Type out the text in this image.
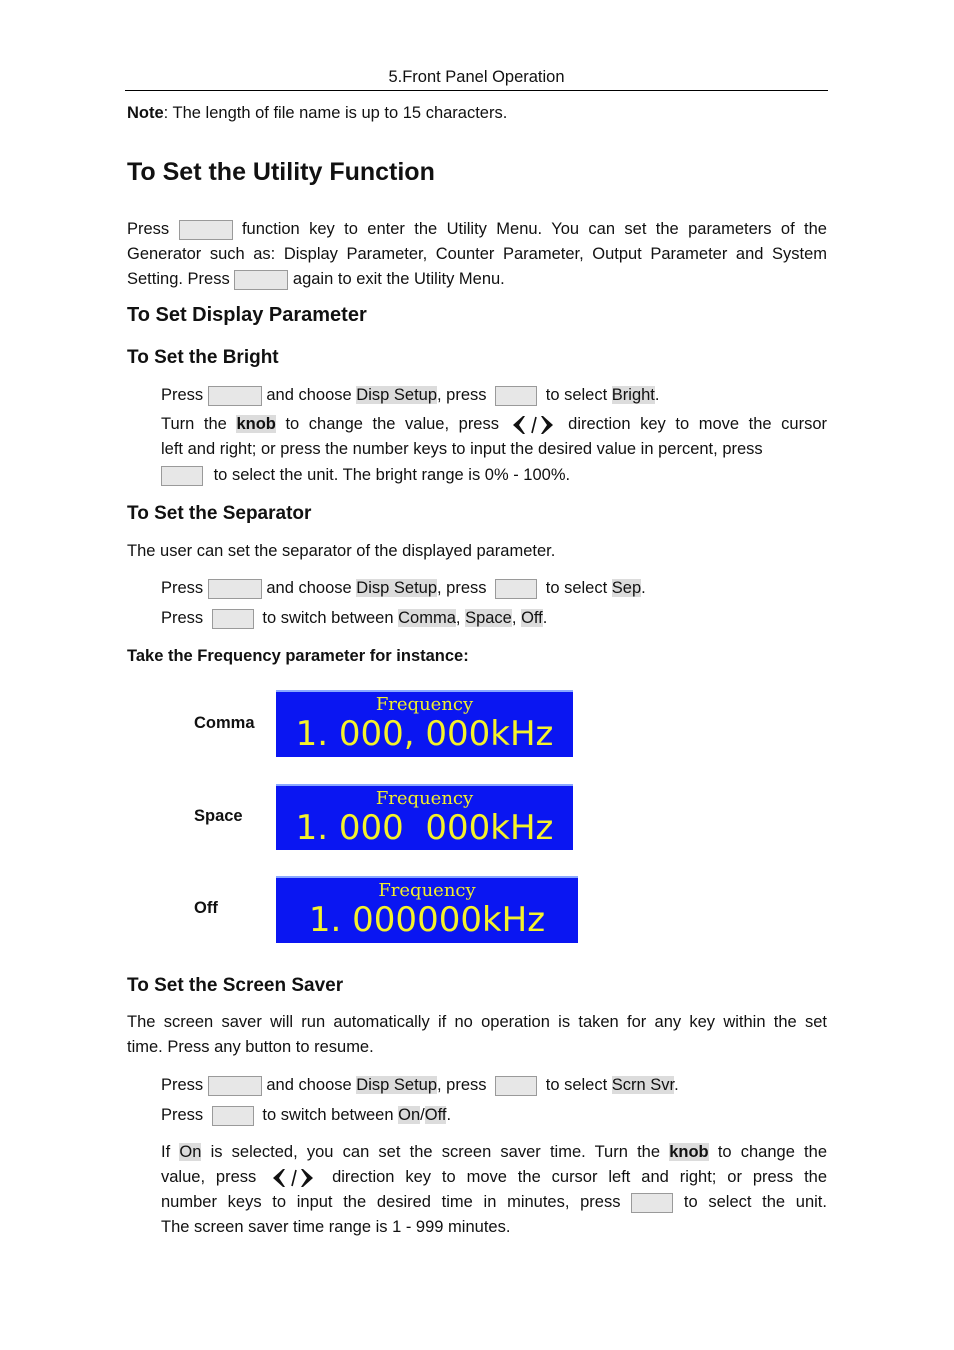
5.Front Panel Operation
Note: The length of file name is up to 15 characters.
To Set the Utility Function
Press	function key to enter the Utility Menu. You can set the parameters of the
Generator such as: Display Parameter, Counter Parameter, Output Parameter and System
Setting. Press	again to exit the Utility Menu.
To Set Display Parameter
To Set the Bright
Press	and choose Disp Setup, press	to select Bright.
Turn the knob to change the value, press	direction key to move the cursor
left and right; or press the number keys to input the desired value in percent, press
to select the unit. The bright range is 0% - 100%.
To Set the Separator
The user can set the separator of the displayed parameter.
Press	and choose Disp Setup, press	to select Sep.
Press	to switch between Comma, Space, Off.
Take the Frequency parameter for instance:
Comma
Frequency
1. 000, 000kHz
Space
Frequency
1. 000  000kHz
Off
Frequency
1. 000000kHz
To Set the Screen Saver
The screen saver will run automatically if no operation is taken for any key within the set
time. Press any button to resume.
Press	and choose Disp Setup, press	to select Scrn Svr.
Press	to switch between On/Off.
If On is selected, you can set the screen saver time. Turn the knob to change the
value, press	direction key to move the cursor left and right; or press the
number keys to input the desired time in minutes, press	to select the unit.
The screen saver time range is 1 - 999 minutes.
